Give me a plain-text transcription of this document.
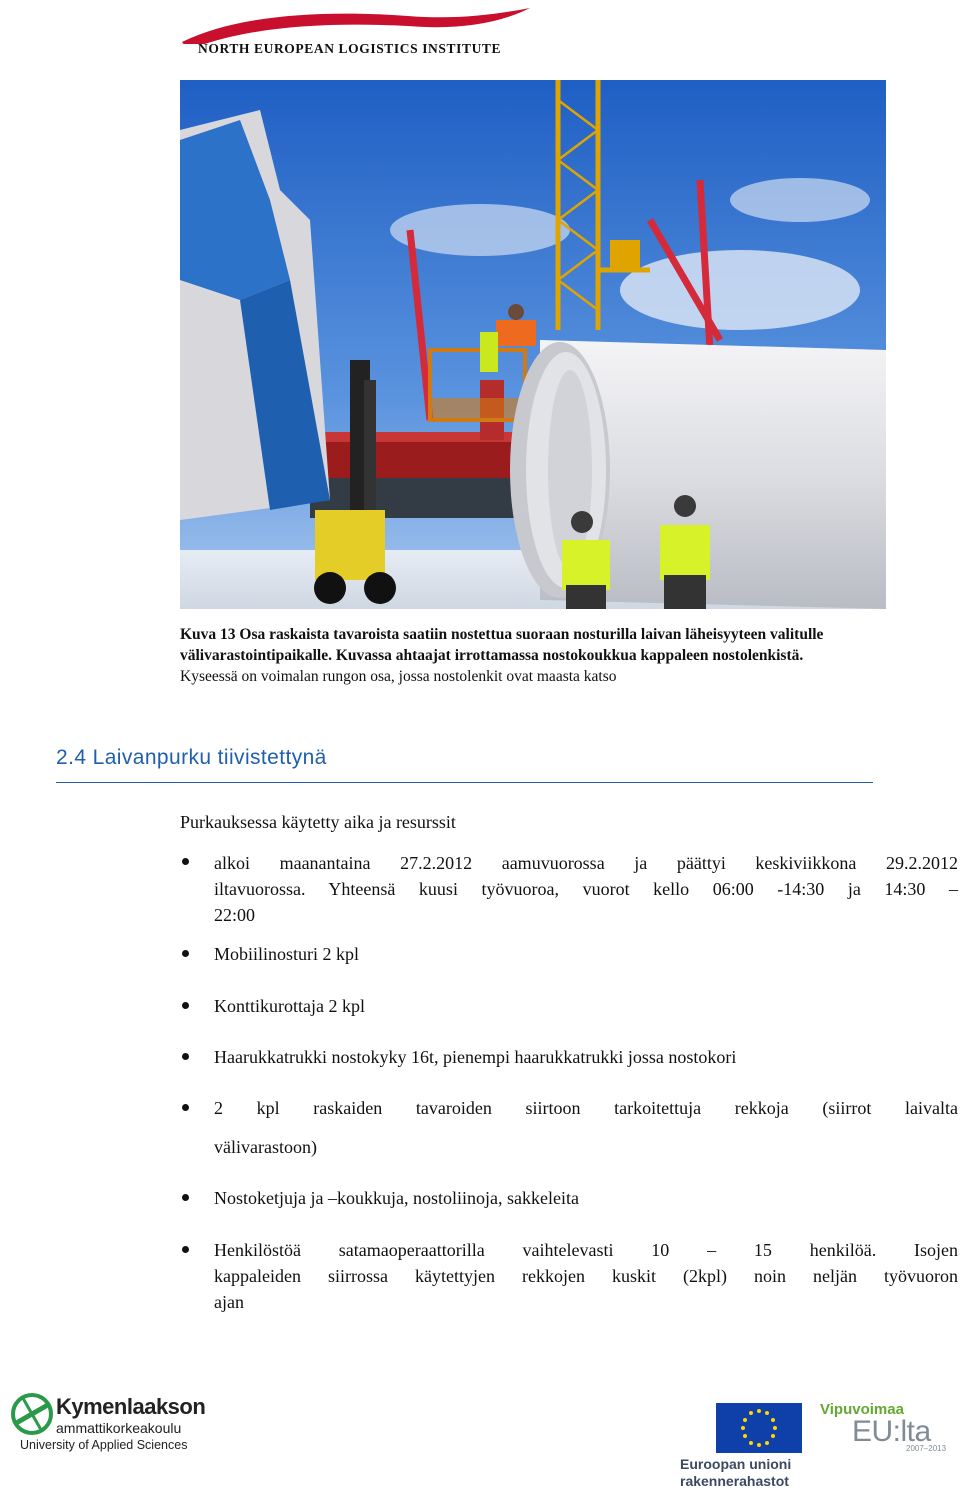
NORTH EUROPEAN LOGISTICS INSTITUTE
Kuva 13 Osa raskaista tavaroista saatiin nostettua suoraan nosturilla laivan läheisyyteen valitulle
välivarastointipaikalle. Kuvassa ahtaajat irrottamassa nostokoukkua kappaleen nostolenkistä.
Kyseessä on voimalan rungon osa, jossa nostolenkit ovat maasta katso
2.4 Laivanpurku tiivistettynä
Purkauksessa käytetty aika ja resurssit
alkoi maanantaina 27.2.2012 aamuvuorossa ja päättyi keskiviikkona 29.2.2012
iltavuorossa. Yhteensä kuusi työvuoroa, vuorot kello 06:00 -14:30 ja 14:30 –
22:00
Mobiilinosturi 2 kpl
Konttikurottaja 2 kpl
Haarukkatrukki nostokyky 16t, pienempi haarukkatrukki jossa nostokori
2 kpl raskaiden tavaroiden siirtoon tarkoitettuja rekkoja (siirrot laivalta
välivarastoon)
Nostoketjuja ja –koukkuja, nostoliinoja, sakkeleita
Henkilöstöä satamaoperaattorilla vaihtelevasti 10 – 15 henkilöä. Isojen
kappaleiden siirrossa käytettyjen rekkojen kuskit (2kpl) noin neljän työvuoron
ajan
Kymenlaakson
ammattikorkeakoulu
University of Applied Sciences
Euroopan unioni
rakennerahastot
Vipuvoimaa
EU:lta
2007–2013
